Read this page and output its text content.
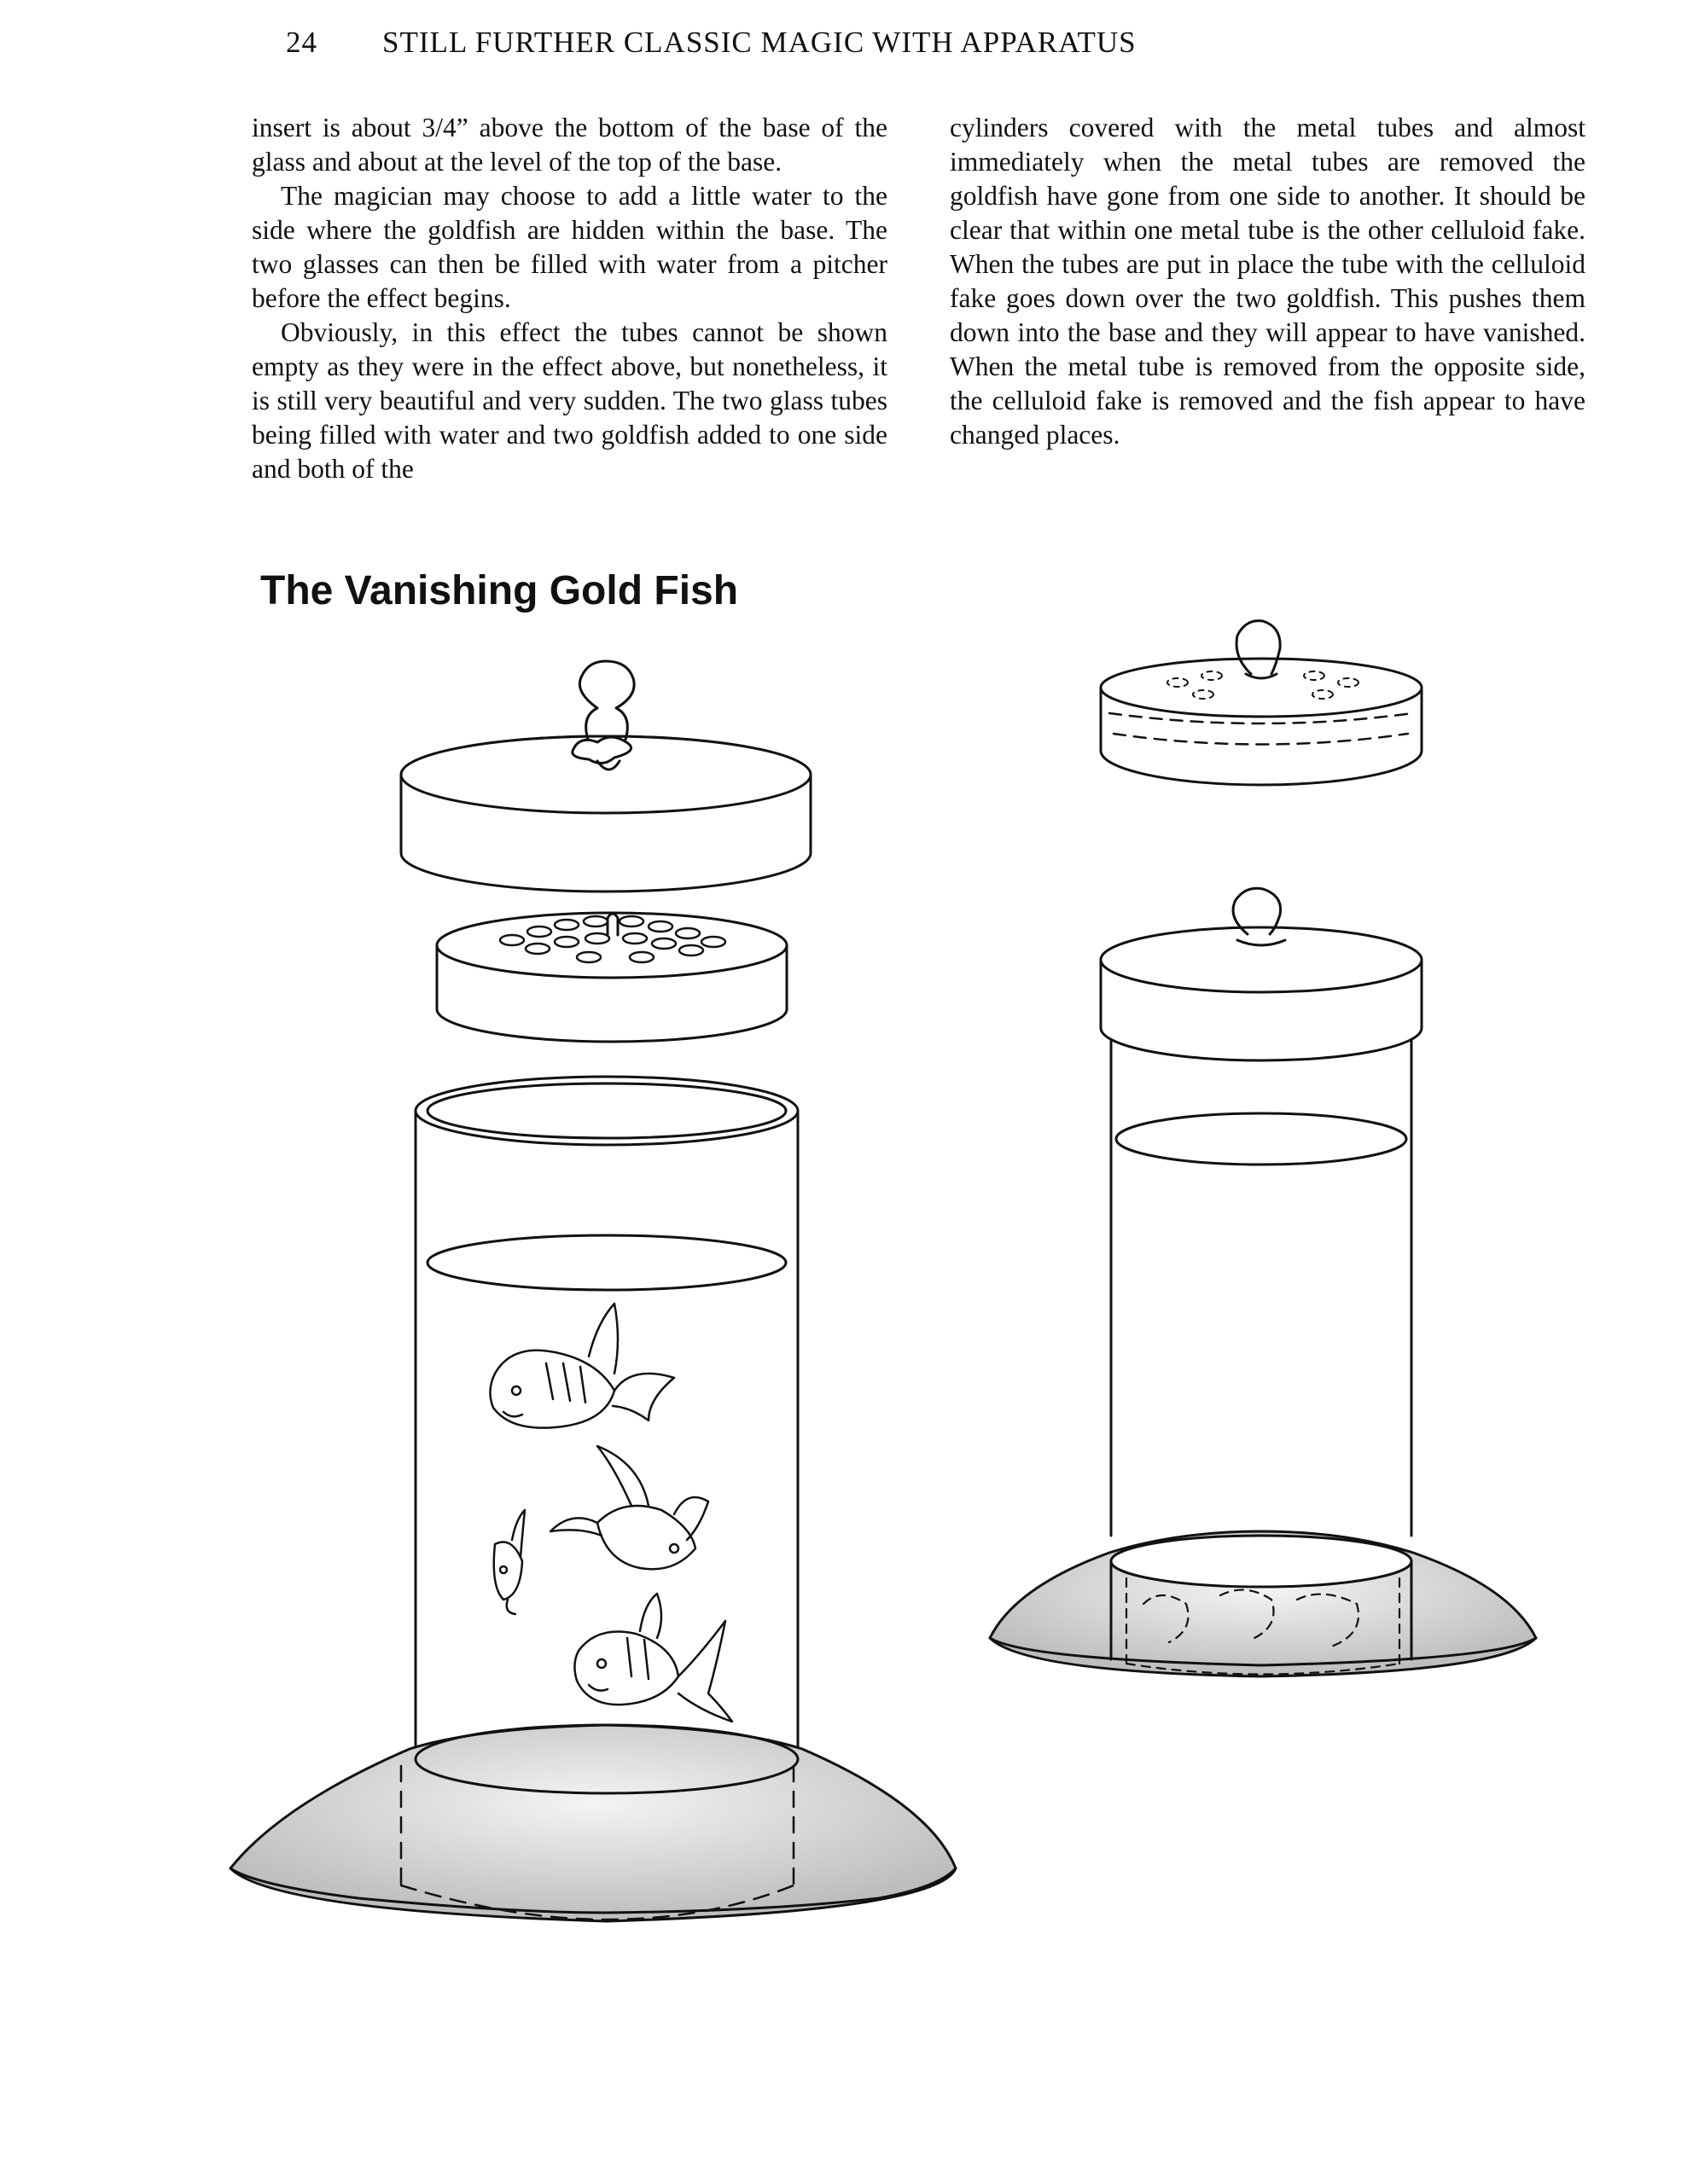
24 STILL FURTHER CLASSIC MAGIC WITH APPARATUS

insert is about 3/4” above the bottom of the base of the glass and about at the level of the top of the base.

The magician may choose to add a little water to the side where the goldfish are hidden within the base. The two glasses can then be filled with water from a pitcher before the effect begins.

Obviously, in this effect the tubes cannot be shown empty as they were in the effect above, but nonetheless, it is still very beautiful and very sudden. The two glass tubes being filled with water and two goldfish added to one side and both of the

cylinders covered with the metal tubes and almost immediately when the metal tubes are removed the goldfish have gone from one side to another. It should be clear that within one metal tube is the other celluloid fake. When the tubes are put in place the tube with the celluloid fake goes down over the two goldfish. This pushes them down into the base and they will appear to have vanished. When the metal tube is removed from the opposite side, the celluloid fake is removed and the fish appear to have changed places.

The Vanishing Gold Fish
